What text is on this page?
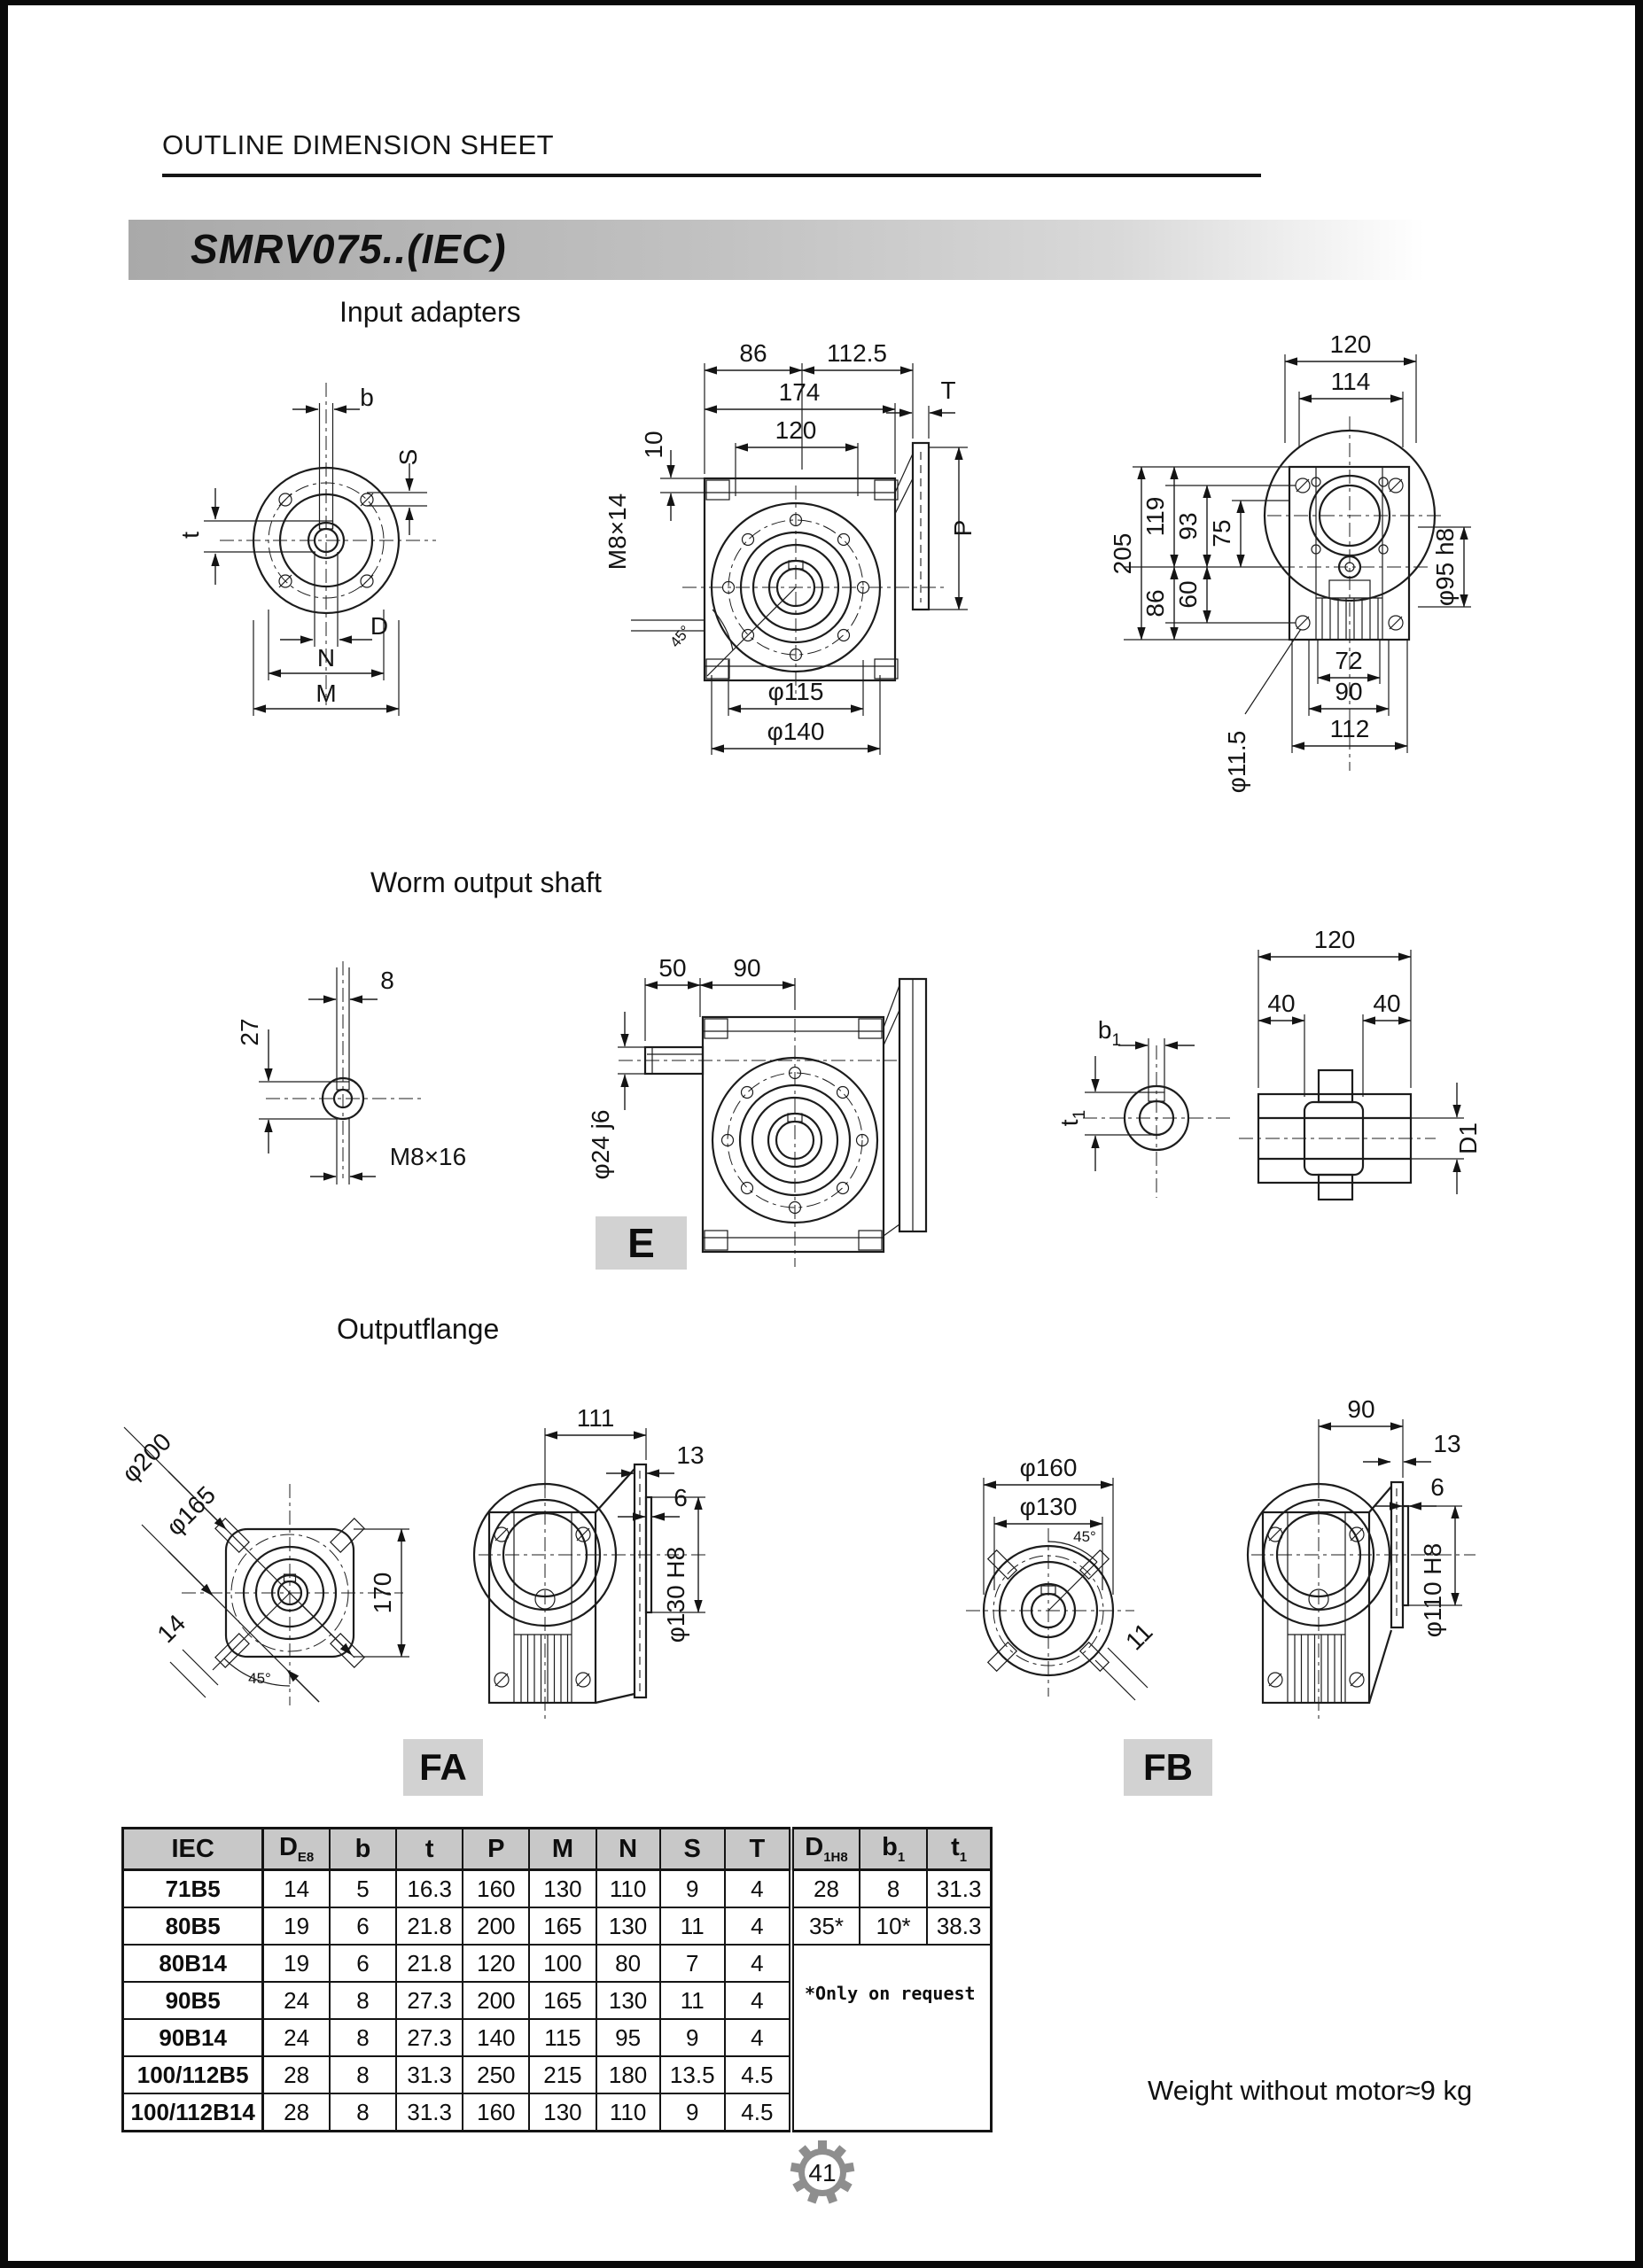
OUTLINE DIMENSION SHEET
SMRV075..(IEC)
Input adapters
Worm output shaft
Outputflange
b
S
t
D
N
M
86 112.5
174
120
T
10
M8×14
45°
P
φ115
φ140
120
114
205
119 93 75
86 60	φ95 h8
φ11.5
72
90
112
8
27
M8×16
50 90
φ24 j6
$b_1$
$t_1$
120
40	40
D1
φ200
φ165
14
45°
170
111
13
6
φ130 H8
φ160
φ130
45°
11
90
13
6
φ110 H8
E
FA	FB
IEC	$D_{E8}$	b	t	P	M	N	S	T	$D_{1H8}$	$b_1$	$t_1$
71B5	14	5	16.3	160	130	110	9	4	28	8	31.3
80B5	19	6	21.8	200	165	130	11	4	35*	10*	38.3
80B14	19	6	21.8	120	100	80	7	4	*Only on request		
90B5	24	8	27.3	200	165	130	11	4			
90B14	24	8	27.3	140	115	95	9	4			
100/112B5	28	8	31.3	250	215	180	13.5	4.5			
100/112B14	28	8	31.3	160	130	110	9	4.5			
Weight without motor≈9 kg
41
